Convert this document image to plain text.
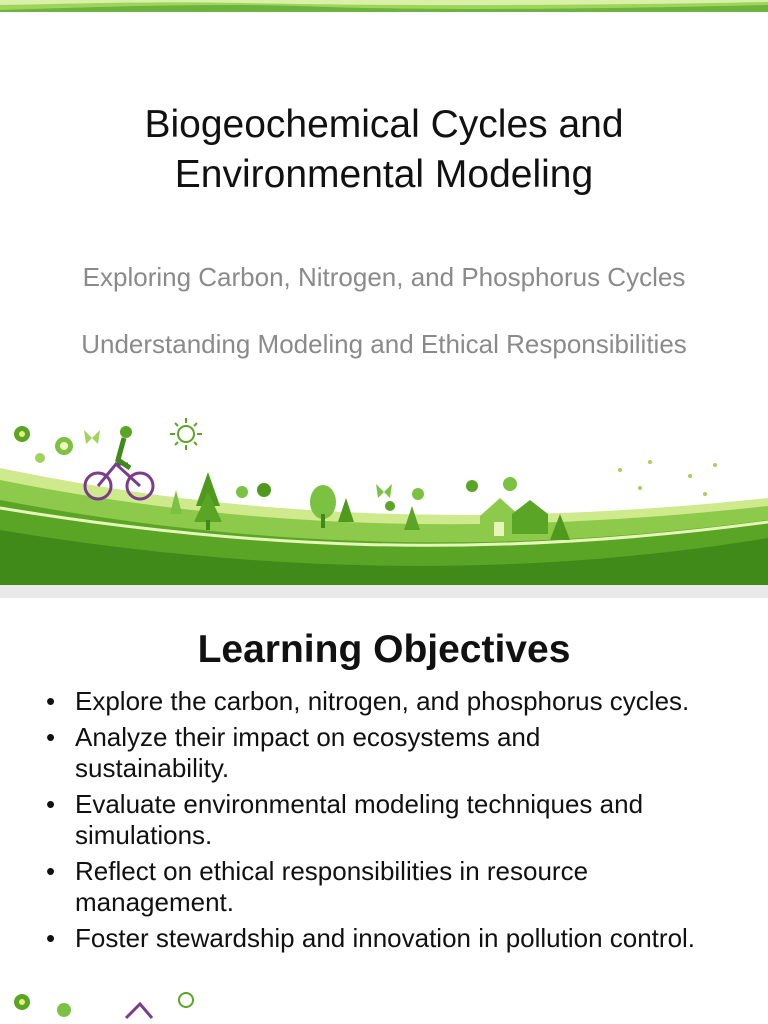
Biogeochemical Cycles and Environmental Modeling

Exploring Carbon, Nitrogen, and Phosphorus Cycles

Understanding Modeling and Ethical Responsibilities

Learning Objectives
• Explore the carbon, nitrogen, and phosphorus cycles.
• Analyze their impact on ecosystems and sustainability.
• Evaluate environmental modeling techniques and simulations.
• Reflect on ethical responsibilities in resource management.
• Foster stewardship and innovation in pollution control.
